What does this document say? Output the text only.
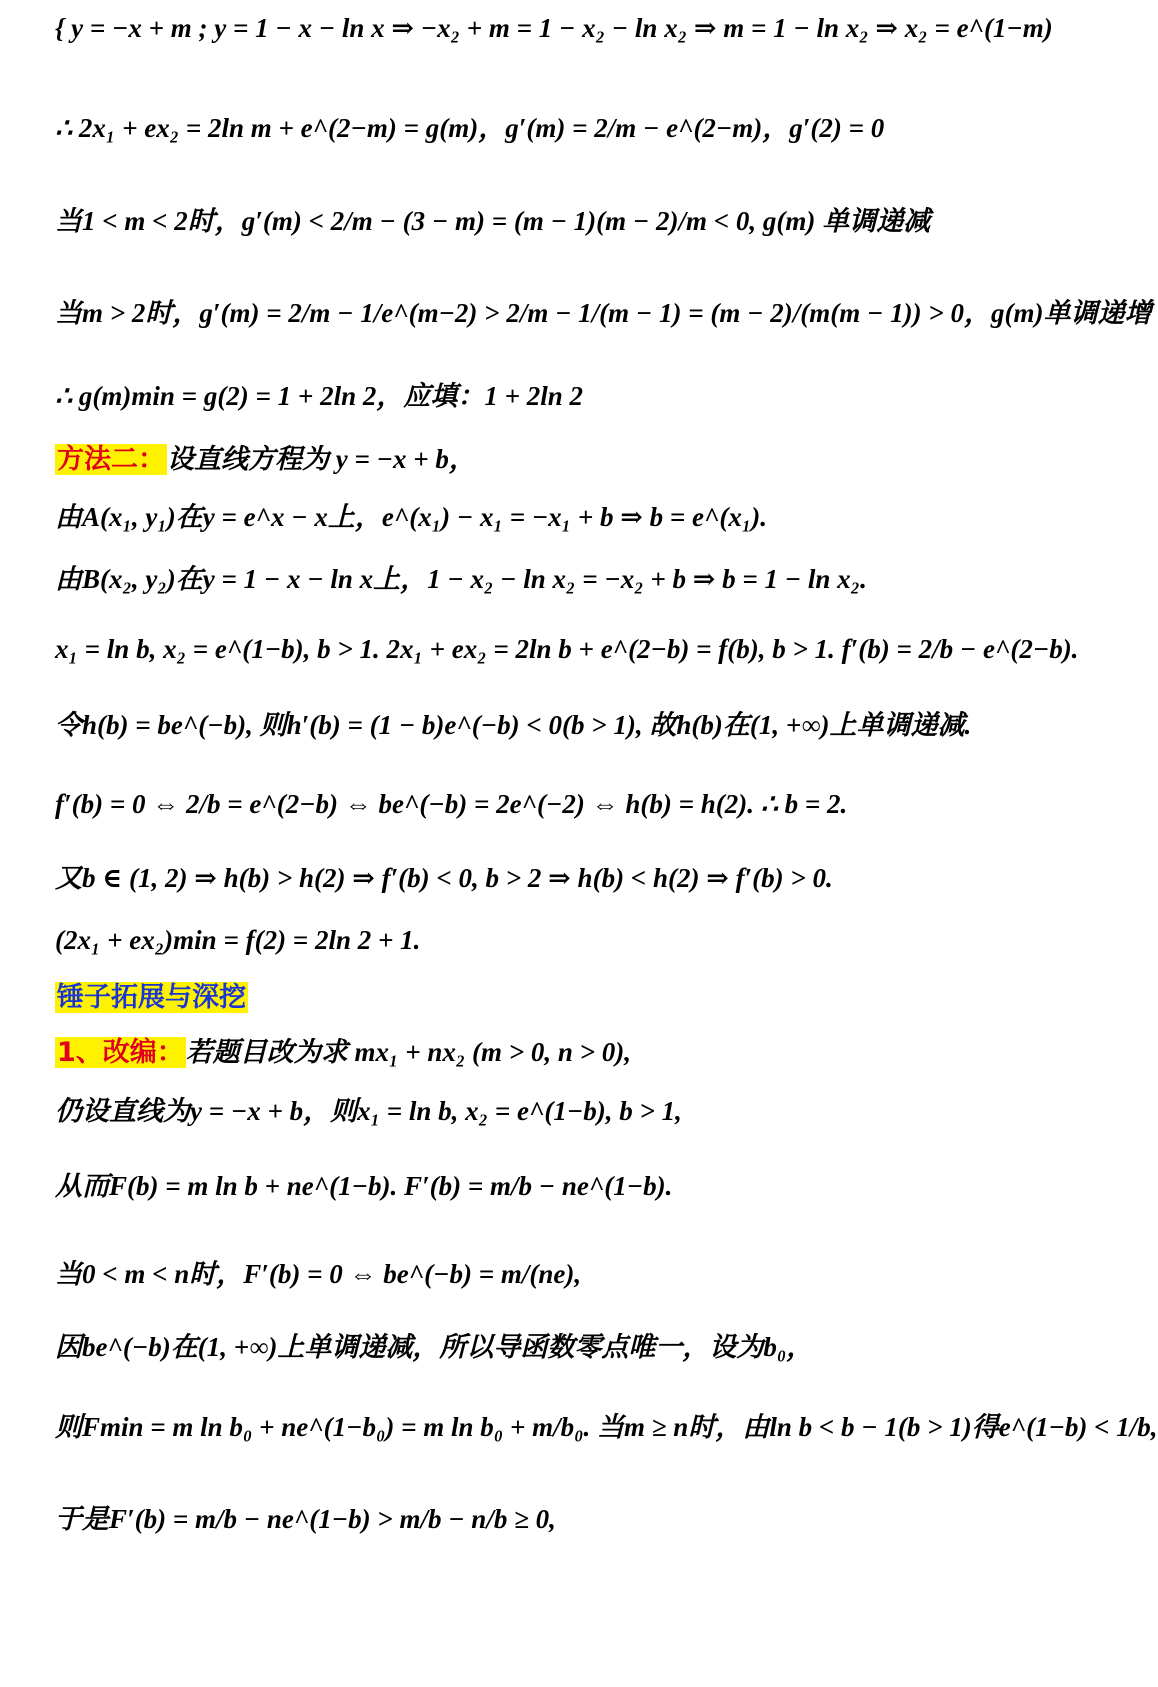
{ y = −x + m ; y = 1 − x − ln x ⇒ −x₂ + m = 1 − x₂ − ln x₂ ⇒ m = 1 − ln x₂ ⇒ x₂ = e^(1−m)
∴ 2x₁ + ex₂ = 2ln m + e^(2−m) = g(m)，g′(m) = 2/m − e^(2−m)，g′(2) = 0
当1 < m < 2时，g′(m) < 2/m − (3 − m) = (m − 1)(m − 2)/m < 0, g(m) 单调递减
当m > 2时，g′(m) = 2/m − 1/e^(m−2) > 2/m − 1/(m − 1) = (m − 2)/(m(m − 1)) > 0，g(m)单调递增
∴ g(m)min = g(2) = 1 + 2ln 2，应填：1 + 2ln 2
方法二：设直线方程为 y = −x + b，
由A(x₁, y₁)在y = e^x − x上，e^(x₁) − x₁ = −x₁ + b ⇒ b = e^(x₁).
由B(x₂, y₂)在y = 1 − x − ln x上，1 − x₂ − ln x₂ = −x₂ + b ⇒ b = 1 − ln x₂.
x₁ = ln b, x₂ = e^(1−b), b > 1. 2x₁ + ex₂ = 2ln b + e^(2−b) = f(b), b > 1. f′(b) = 2/b − e^(2−b).
令h(b) = be^(−b), 则h′(b) = (1 − b)e^(−b) < 0(b > 1), 故h(b)在(1, +∞)上单调递减.
f′(b) = 0 ⇔ 2/b = e^(2−b) ⇔ be^(−b) = 2e^(−2) ⇔ h(b) = h(2). ∴ b = 2.
又b ∈ (1, 2) ⇒ h(b) > h(2) ⇒ f′(b) < 0, b > 2 ⇒ h(b) < h(2) ⇒ f′(b) > 0.
(2x₁ + ex₂)min = f(2) = 2ln 2 + 1.
锤子拓展与深挖
1、改编：若题目改为求 mx₁ + nx₂ (m > 0, n > 0),
仍设直线为y = −x + b，则x₁ = ln b, x₂ = e^(1−b), b > 1,
从而F(b) = m ln b + ne^(1−b). F′(b) = m/b − ne^(1−b).
当0 < m < n时，F′(b) = 0 ⇔ be^(−b) = m/(ne),
因be^(−b)在(1, +∞)上单调递减，所以导函数零点唯一，设为b₀，
则Fmin = m ln b₀ + ne^(1−b₀) = m ln b₀ + m/b₀. 当m ≥ n时，由ln b < b − 1(b > 1)得e^(1−b) < 1/b,
于是F′(b) = m/b − ne^(1−b) > m/b − n/b ≥ 0,
